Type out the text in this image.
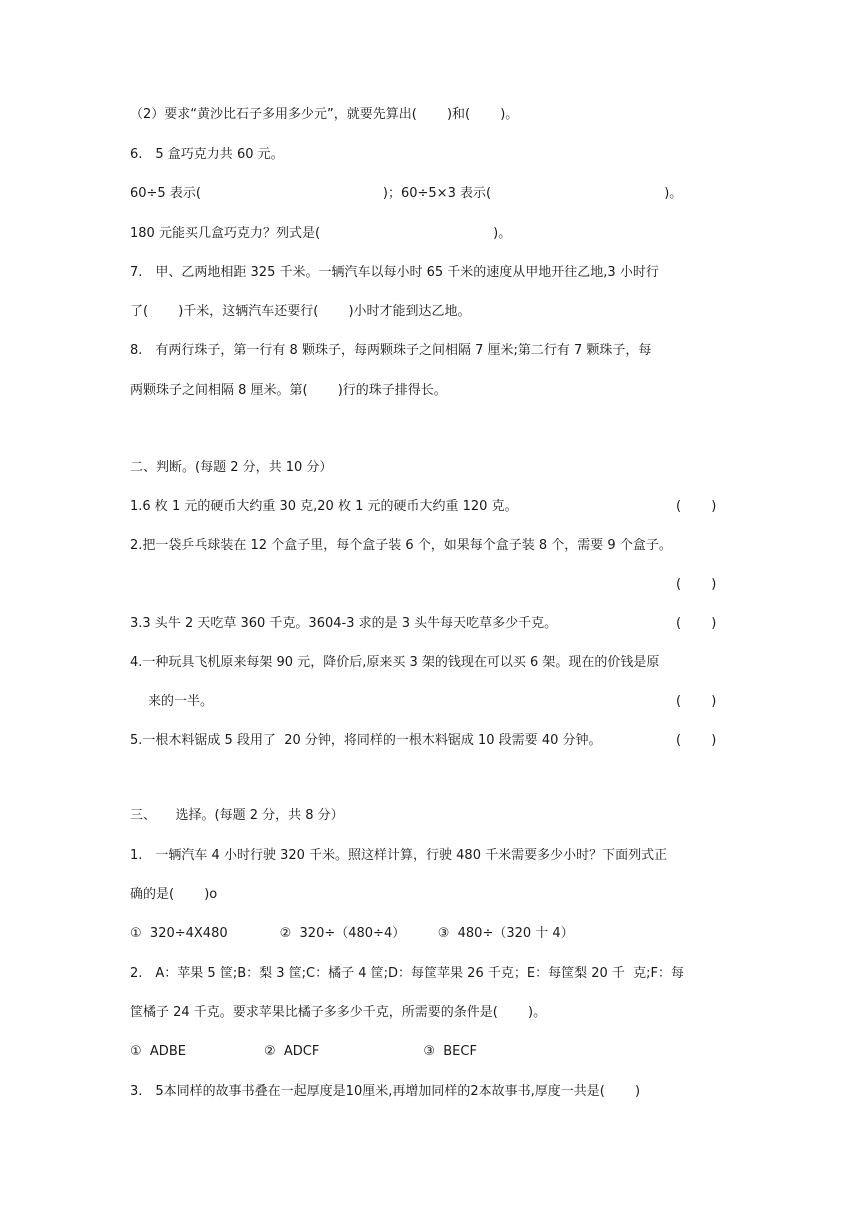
（2）要求“黄沙比石子多用多少元”，就要先算出(　　 )和(　　 )。
6.　5 盒巧克力共 60 元。
60÷5 表示(　　　　　　　　　　　　　　)；60÷5×3 表示(　　　　　　　　　　　　　 )。
180 元能买几盒巧克力？列式是(　　　　　　　　　　　　　 )。
7.　甲、乙两地相距 325 千米。一辆汽车以每小时 65 千米的速度从甲地开往乙地,3 小时行
了(　　 )千米，这辆汽车还要行(　　 )小时才能到达乙地。
8.　有两行珠子，第一行有 8 颗珠子，每两颗珠子之间相隔 7 厘米;第二行有 7 颗珠子，每
两颗珠子之间相隔 8 厘米。第(　　 )行的珠子排得长。
二、判断。(每题 2 分，共 10 分）
1.6 枚 1 元的硬币大约重 30 克,20 枚 1 元的硬币大约重 120 克。	(　　 )
2.把一袋乒乓球装在 12 个盒子里，每个盒子装 6 个，如果每个盒子装 8 个，需要 9 个盒子。
(　　 )
3.3 头牛 2 天吃草 360 千克。3604-3 求的是 3 头牛每天吃草多少千克。	(　　 )
4.一种玩具飞机原来每架 90 元，降价后,原来买 3 架的钱现在可以买 6 架。现在的价钱是原
来的一半。	(　　 )
5.一根木料锯成 5 段用了  20 分钟，将同样的一根木料锯成 10 段需要 40 分钟。	(　　 )
三、　　选择。(每题 2 分，共 8 分）
1.　一辆汽车 4 小时行驶 320 千米。照这样计算，行驶 480 千米需要多少小时？下面列式正
确的是(　　 )o
①  320÷4X480　　　　②  320÷（480÷4）　　　③  480÷（320 十 4）
2.　A：苹果 5 筐;B：梨 3 筐;C：橘子 4 筐;D：每筐苹果 26 千克；E：每筐梨 20 千  克;F：每
筐橘子 24 千克。要求苹果比橘子多多少千克，所需要的条件是(　　 )。
①  ADBE　　　　　　②  ADCF　　　　　　　　③  BECF
3.　5本同样的故事书叠在一起厚度是10厘米,再增加同样的2本故事书,厚度一共是(　　 )
